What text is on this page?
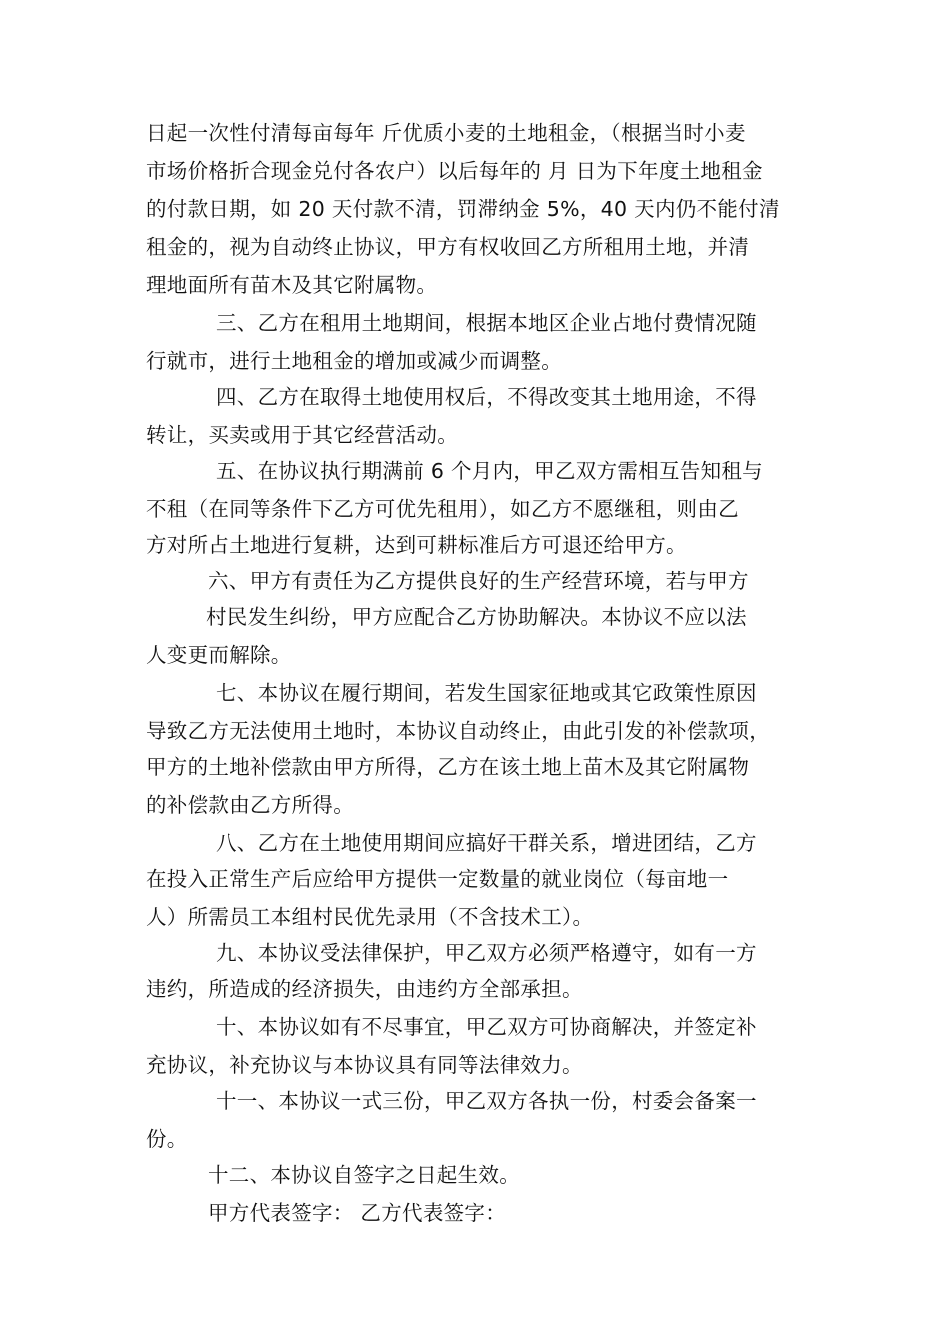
日起一次性付清每亩每年 斤优质小麦的土地租金，（根据当时小麦
市场价格折合现金兑付各农户）以后每年的 月 日为下年度土地租金
的付款日期，如 20 天付款不清，罚滞纳金 5%，40 天内仍不能付清
租金的，视为自动终止协议，甲方有权收回乙方所租用土地，并清
理地面所有苗木及其它附属物。
三、乙方在租用土地期间，根据本地区企业占地付费情况随
行就市，进行土地租金的增加或减少而调整。
四、乙方在取得土地使用权后，不得改变其土地用途，不得
转让，买卖或用于其它经营活动。
五、在协议执行期满前 6 个月内，甲乙双方需相互告知租与
不租（在同等条件下乙方可优先租用），如乙方不愿继租，则由乙
方对所占土地进行复耕，达到可耕标准后方可退还给甲方。
六、甲方有责任为乙方提供良好的生产经营环境，若与甲方
村民发生纠纷，甲方应配合乙方协助解决。本协议不应以法
人变更而解除。
七、本协议在履行期间，若发生国家征地或其它政策性原因
导致乙方无法使用土地时，本协议自动终止，由此引发的补偿款项，
甲方的土地补偿款由甲方所得，乙方在该土地上苗木及其它附属物
的补偿款由乙方所得。
八、乙方在土地使用期间应搞好干群关系，增进团结，乙方
在投入正常生产后应给甲方提供一定数量的就业岗位（每亩地一
人）所需员工本组村民优先录用（不含技术工）。
九、本协议受法律保护，甲乙双方必须严格遵守，如有一方
违约，所造成的经济损失，由违约方全部承担。
十、本协议如有不尽事宜，甲乙双方可协商解决，并签定补
充协议，补充协议与本协议具有同等法律效力。
十一、本协议一式三份，甲乙双方各执一份，村委会备案一
份。
十二、本协议自签字之日起生效。
甲方代表签字： 乙方代表签字：
